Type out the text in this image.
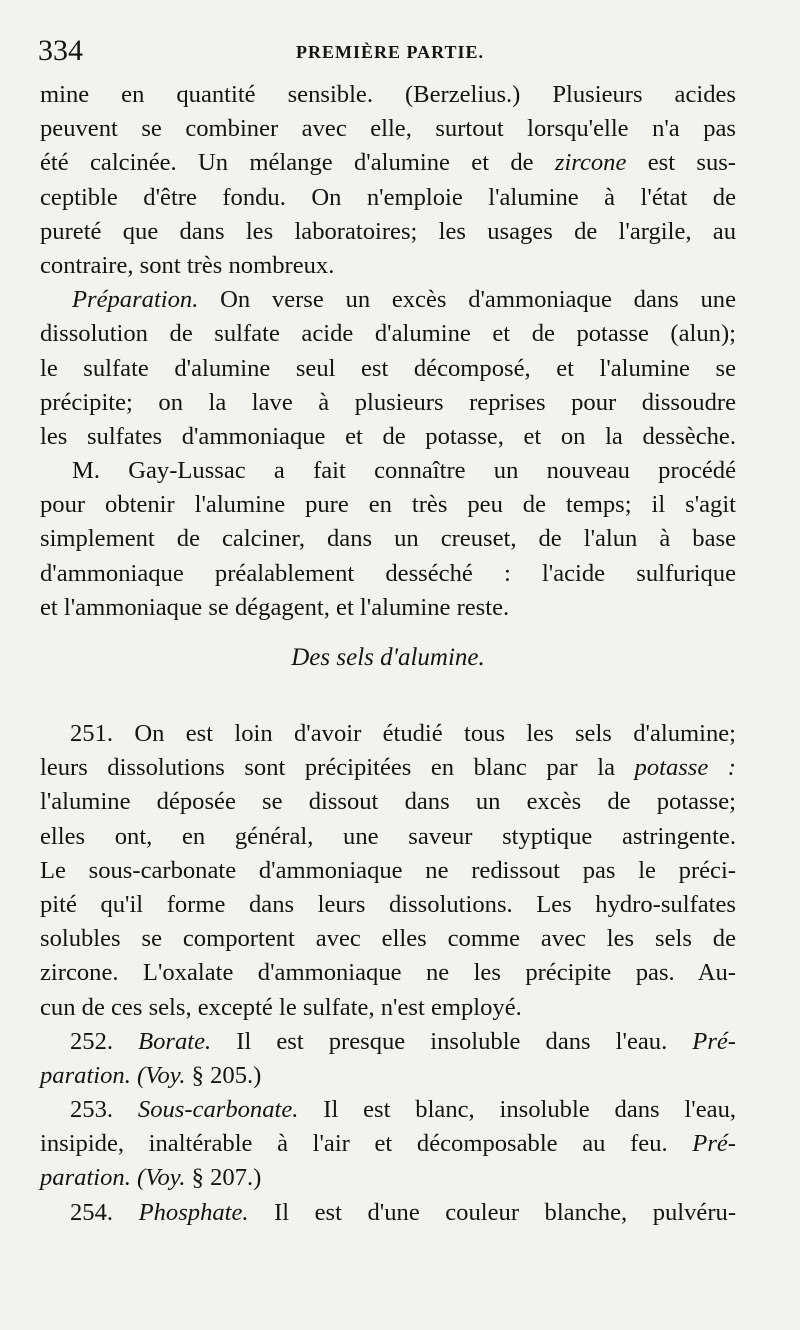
334	PREMIÈRE PARTIE.
mine en quantité sensible. (Berzelius.) Plusieurs acides
peuvent se combiner avec elle, surtout lorsqu'elle n'a pas
été calcinée. Un mélange d'alumine et de zircone est sus-
ceptible d'être fondu. On n'emploie l'alumine à l'état de
pureté que dans les laboratoires; les usages de l'argile, au
contraire, sont très nombreux.
Préparation. On verse un excès d'ammoniaque dans une
dissolution de sulfate acide d'alumine et de potasse (alun);
le sulfate d'alumine seul est décomposé, et l'alumine se
précipite; on la lave à plusieurs reprises pour dissoudre
les sulfates d'ammoniaque et de potasse, et on la dessèche.
M. Gay-Lussac a fait connaître un nouveau procédé
pour obtenir l'alumine pure en très peu de temps; il s'agit
simplement de calciner, dans un creuset, de l'alun à base
d'ammoniaque préalablement desséché : l'acide sulfurique
et l'ammoniaque se dégagent, et l'alumine reste.
Des sels d'alumine.
251. On est loin d'avoir étudié tous les sels d'alumine;
leurs dissolutions sont précipitées en blanc par la potasse :
l'alumine déposée se dissout dans un excès de potasse;
elles ont, en général, une saveur styptique astringente.
Le sous-carbonate d'ammoniaque ne redissout pas le préci-
pité qu'il forme dans leurs dissolutions. Les hydro-sulfates
solubles se comportent avec elles comme avec les sels de
zircone. L'oxalate d'ammoniaque ne les précipite pas. Au-
cun de ces sels, excepté le sulfate, n'est employé.
252. Borate. Il est presque insoluble dans l'eau. Pré-
paration. (Voy. § 205.)
253. Sous-carbonate. Il est blanc, insoluble dans l'eau,
insipide, inaltérable à l'air et décomposable au feu. Pré-
paration. (Voy. § 207.)
254. Phosphate. Il est d'une couleur blanche, pulvéru-
